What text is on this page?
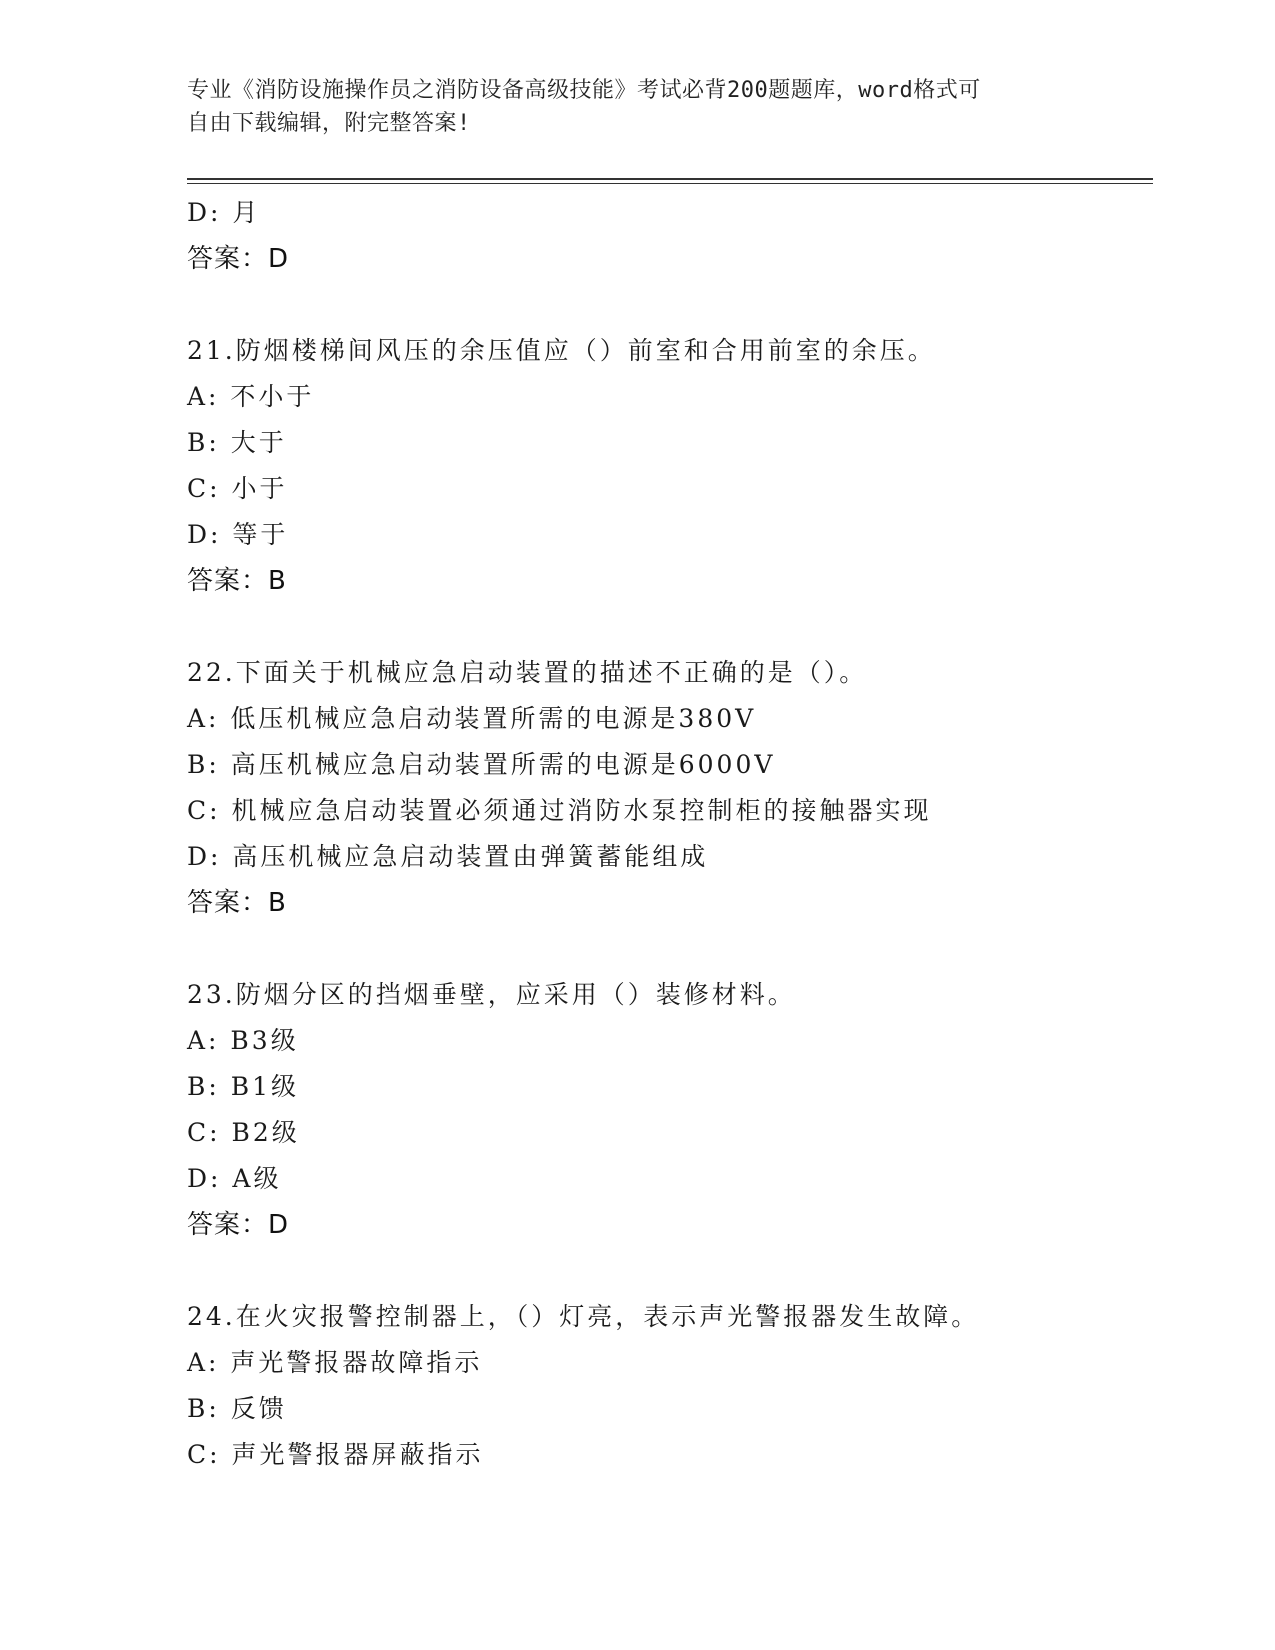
专业《消防设施操作员之消防设备高级技能》考试必背200题题库，word格式可
自由下载编辑，附完整答案!
D: 月
答案：D
21.防烟楼梯间风压的余压值应（）前室和合用前室的余压。
A: 不小于
B: 大于
C: 小于
D: 等于
答案：B
22.下面关于机械应急启动装置的描述不正确的是（）。
A: 低压机械应急启动装置所需的电源是380V
B: 高压机械应急启动装置所需的电源是6000V
C: 机械应急启动装置必须通过消防水泵控制柜的接触器实现
D: 高压机械应急启动装置由弹簧蓄能组成
答案：B
23.防烟分区的挡烟垂壁，应采用（）装修材料。
A: B3级
B: B1级
C: B2级
D: A级
答案：D
24.在火灾报警控制器上，（）灯亮，表示声光警报器发生故障。
A: 声光警报器故障指示
B: 反馈
C: 声光警报器屏蔽指示
